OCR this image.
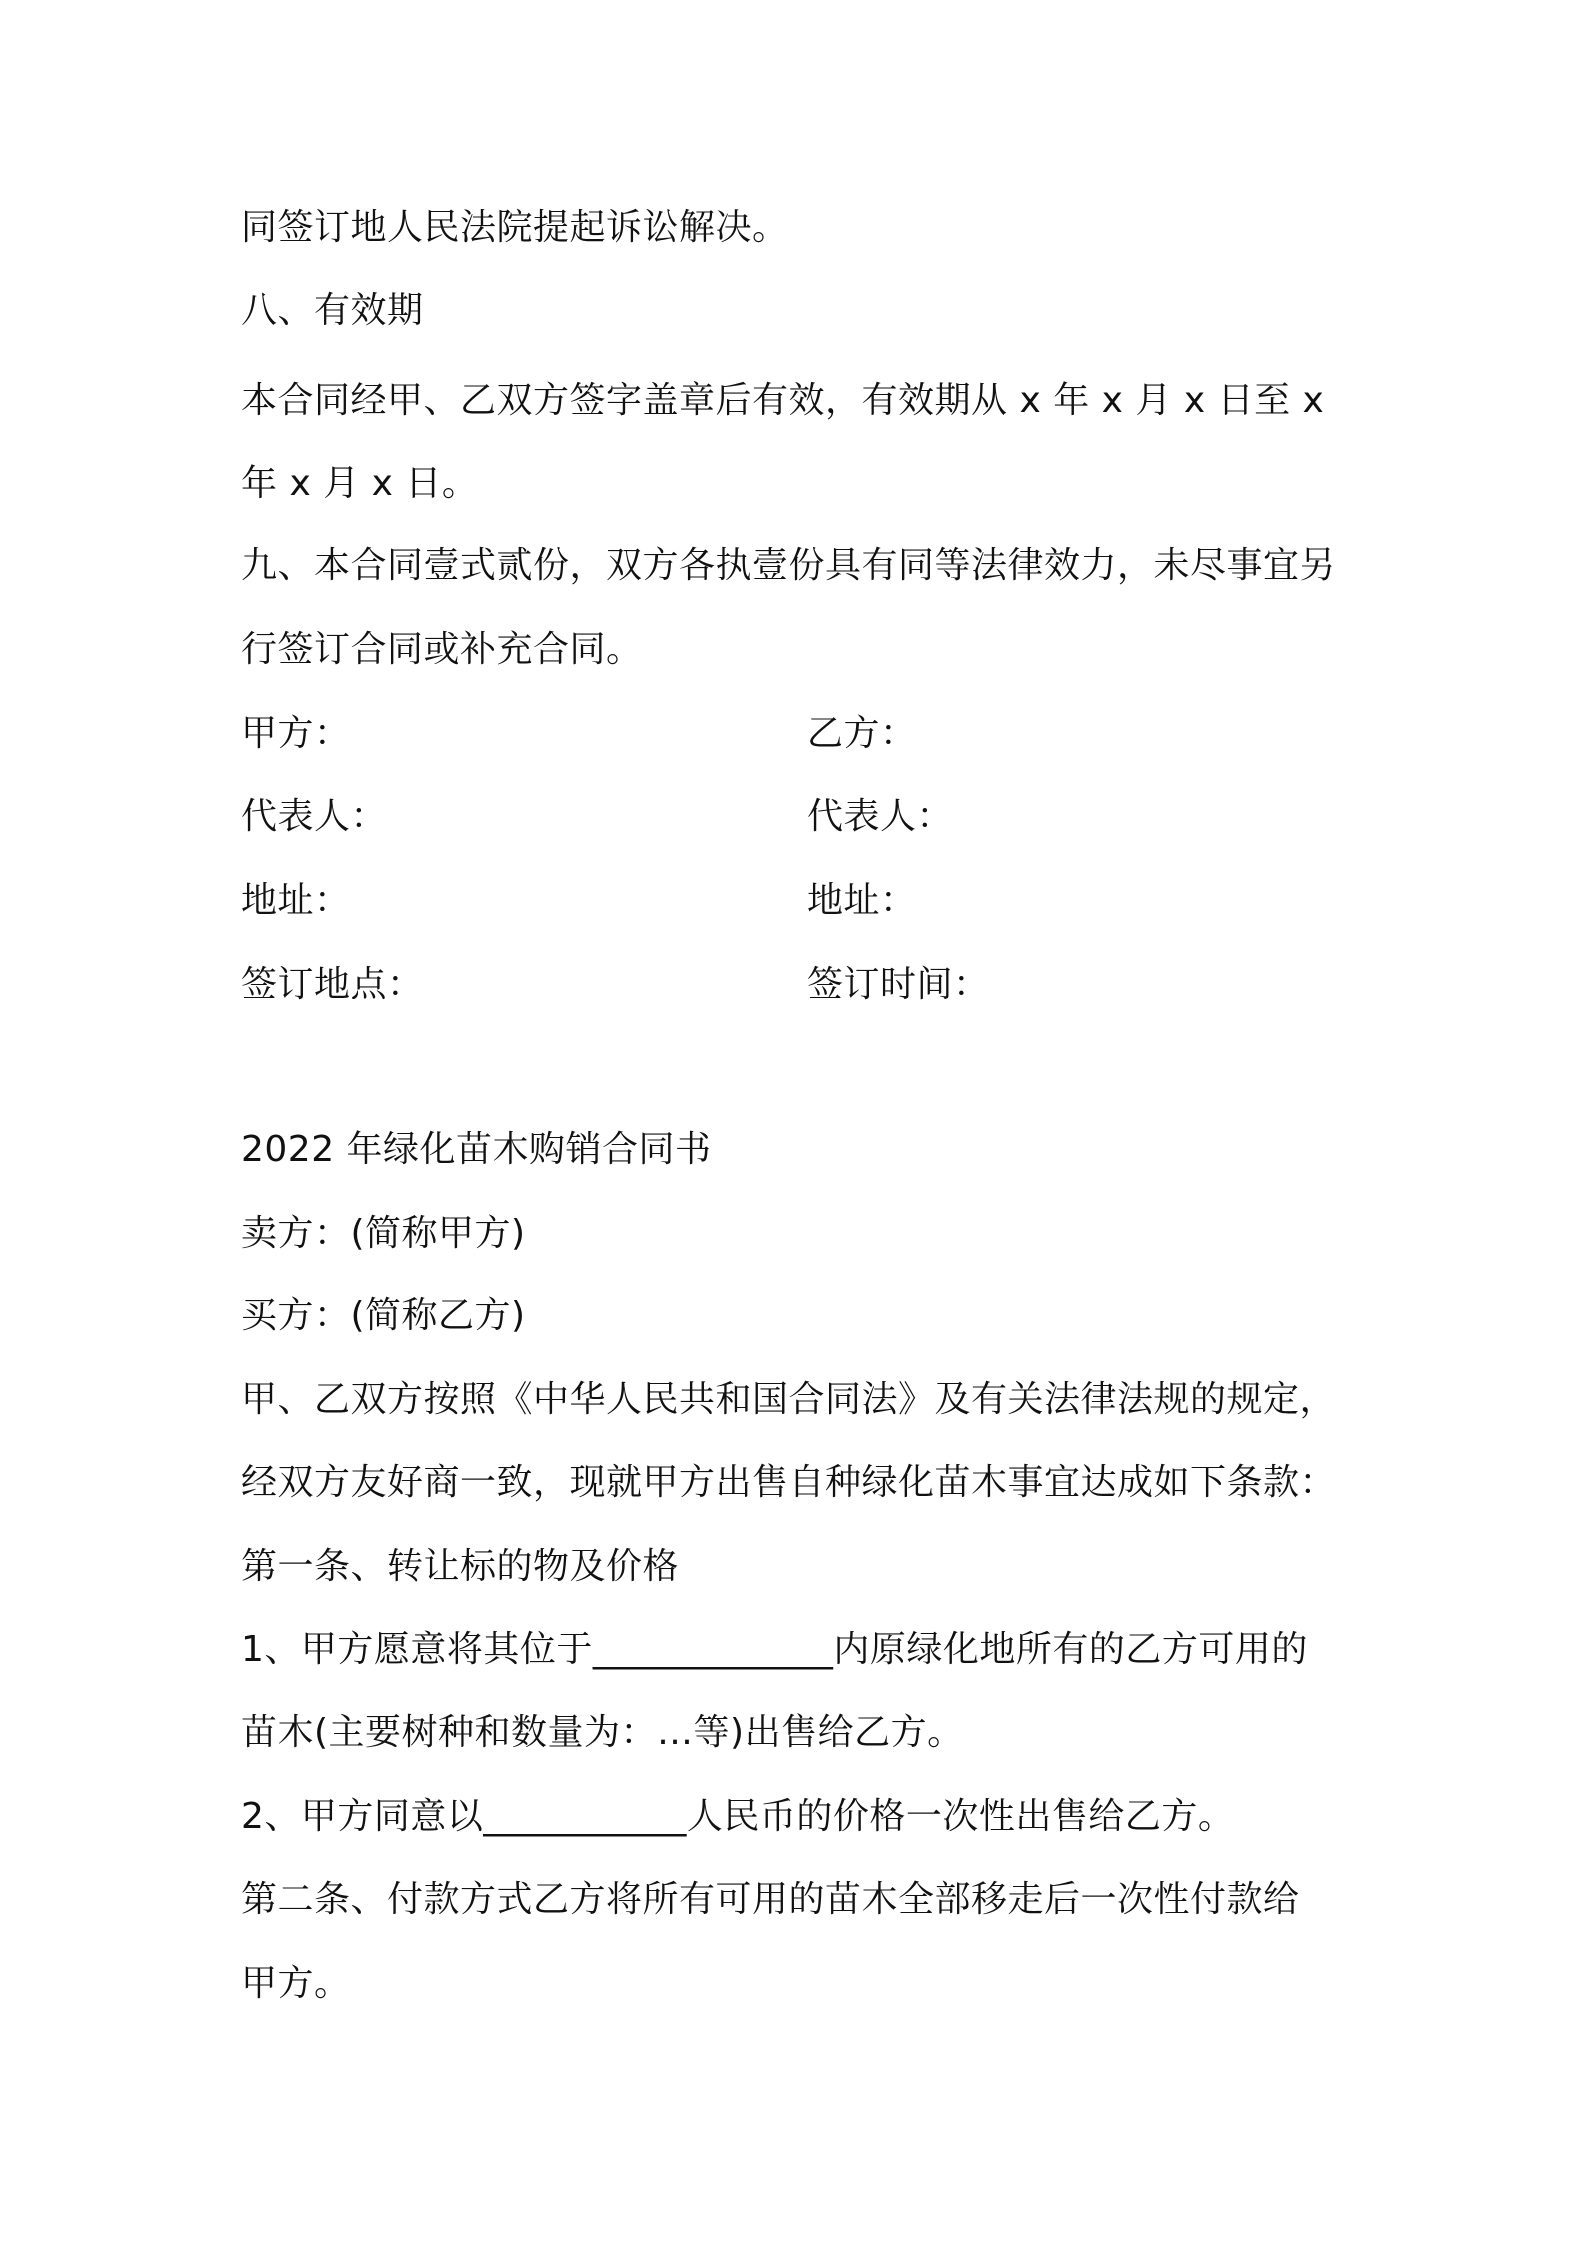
同签订地人民法院提起诉讼解决。
八、有效期
本合同经甲、乙双方签字盖章后有效，有效期从 x 年 x 月 x 日至 x
年 x 月 x 日。
九、本合同壹式贰份，双方各执壹份具有同等法律效力，未尽事宜另
行签订合同或补充合同。
甲方：	乙方：
代表人：	代表人：
地址：	地址：
签订地点：	签订时间：
2022 年绿化苗木购销合同书
卖方：(简称甲方)
买方：(简称乙方)
甲、乙双方按照《中华人民共和国合同法》及有关法律法规的规定，
经双方友好商一致，现就甲方出售自种绿化苗木事宜达成如下条款：
第一条、转让标的物及价格
1、甲方愿意将其位于_____________内原绿化地所有的乙方可用的
苗木(主要树种和数量为：…等)出售给乙方。
2、甲方同意以___________人民币的价格一次性出售给乙方。
第二条、付款方式乙方将所有可用的苗木全部移走后一次性付款给
甲方。
